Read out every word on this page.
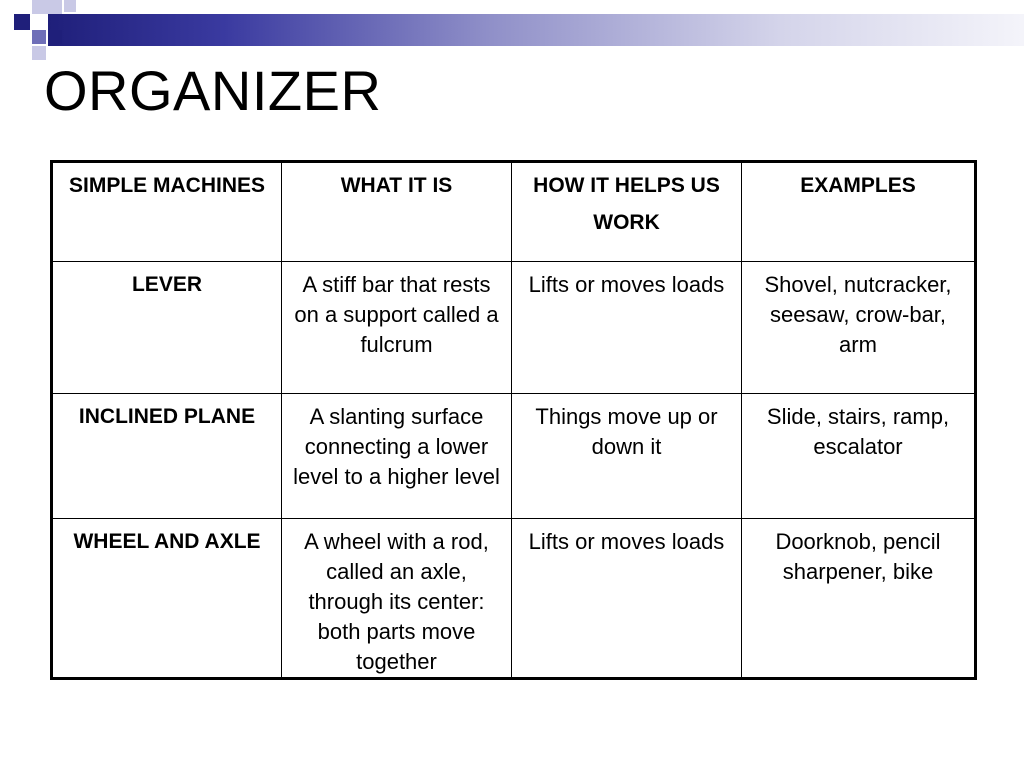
ORGANIZER
SIMPLE MACHINES	WHAT IT IS	HOW IT HELPS US WORK	EXAMPLES
LEVER	A stiff bar that rests on a support called a fulcrum	Lifts or moves loads	Shovel, nutcracker, seesaw, crow-bar, arm
INCLINED PLANE	A slanting surface connecting a lower level to a higher level	Things move up or down it	Slide, stairs, ramp, escalator
WHEEL AND AXLE	A wheel with a rod, called an axle, through its center: both parts move together	Lifts or moves loads	Doorknob, pencil sharpener, bike
